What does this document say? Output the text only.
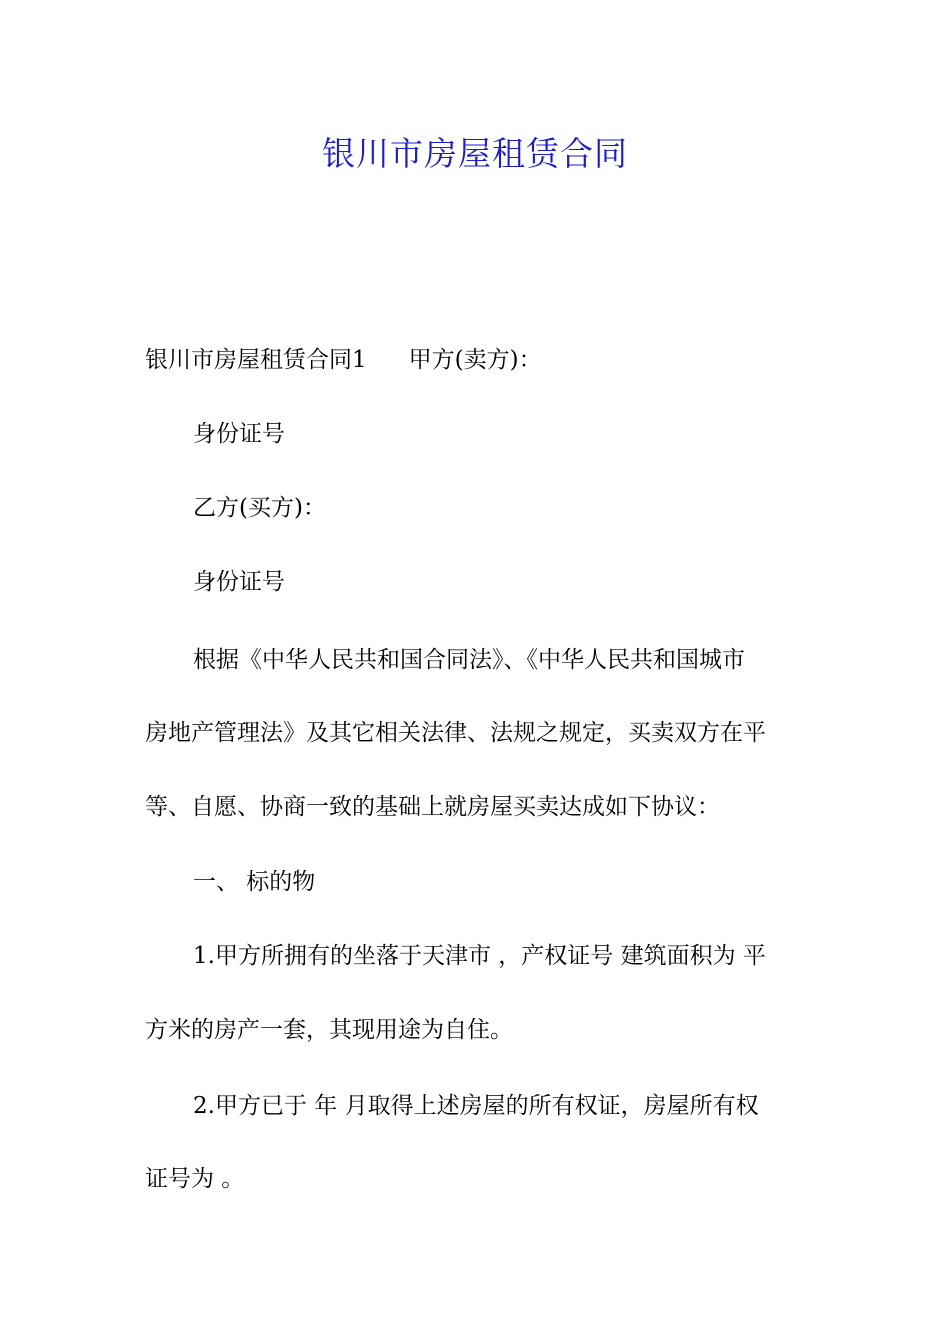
银川市房屋租赁合同

银川市房屋租赁合同1 甲方(卖方)：

身份证号

乙方(买方)：

身份证号

根据《中华人民共和国合同法》、《中华人民共和国城市

房地产管理法》及其它相关法律、法规之规定，买卖双方在平

等、自愿、协商一致的基础上就房屋买卖达成如下协议：

一、 标的物

1.甲方所拥有的坐落于天津市 ，产权证号 建筑面积为 平

方米的房产一套，其现用途为自住。

2.甲方已于 年 月取得上述房屋的所有权证，房屋所有权

证号为 。
